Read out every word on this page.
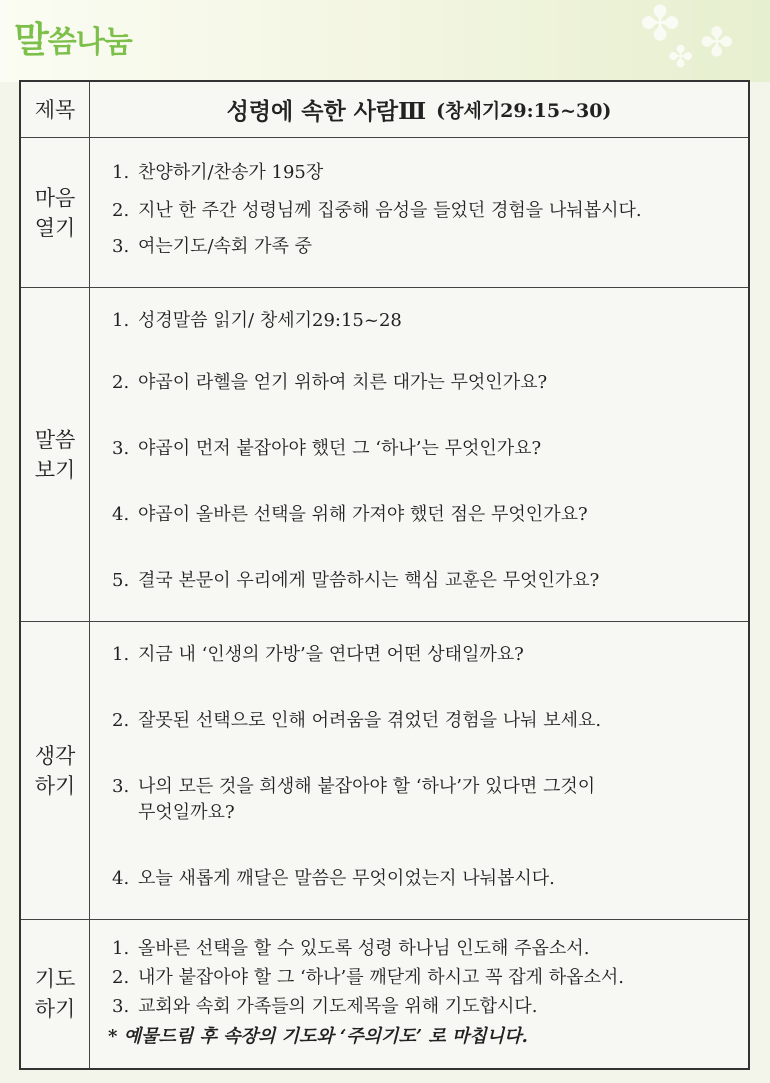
✤ ✤
✤
말씀나눔
제목	성령에 속한 사람Ⅲ (창세기29:15~30)
마음
열기
1. 찬양하기/찬송가 195장
2. 지난 한 주간 성령님께 집중해 음성을 들었던 경험을 나눠봅시다.
3. 여는기도/속회 가족 중
말씀
보기
1. 성경말씀 읽기/ 창세기29:15~28
2. 야곱이 라헬을 얻기 위하여 치른 대가는 무엇인가요?
3. 야곱이 먼저 붙잡아야 했던 그 ‘하나’는 무엇인가요?
4. 야곱이 올바른 선택을 위해 가져야 했던 점은 무엇인가요?
5. 결국 본문이 우리에게 말씀하시는 핵심 교훈은 무엇인가요?
생각
하기
1. 지금 내 ‘인생의 가방’을 연다면 어떤 상태일까요?
2. 잘못된 선택으로 인해 어려움을 겪었던 경험을 나눠 보세요.
3. 나의 모든 것을 희생해 붙잡아야 할 ‘하나’가 있다면 그것이
무엇일까요?
4. 오늘 새롭게 깨달은 말씀은 무엇이었는지 나눠봅시다.
기도
하기
1. 올바른 선택을 할 수 있도록 성령 하나님 인도해 주옵소서.
2. 내가 붙잡아야 할 그 ‘하나’를 깨닫게 하시고 꼭 잡게 하옵소서.
3. 교회와 속회 가족들의 기도제목을 위해 기도합시다.
* 예물드림 후 속장의 기도와 ‘주의기도’ 로 마칩니다.
